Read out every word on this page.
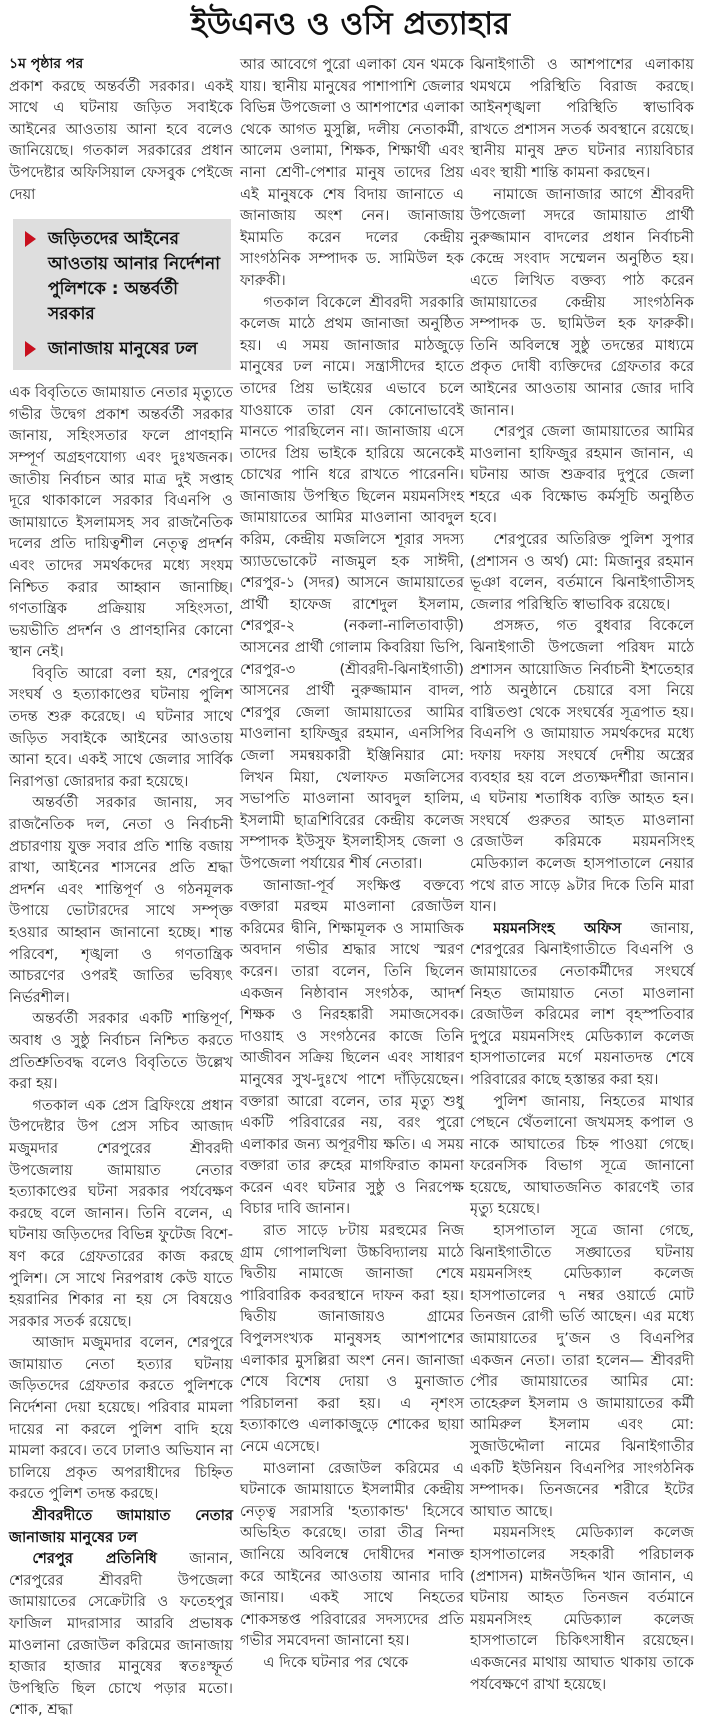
ইউএনও ও ওসি প্রত্যাহার
১ম পৃষ্ঠার পর

প্রকাশ করছে অন্তর্বর্তী সরকার। একই সাথে এ ঘটনায় জড়িত সবাইকে আইনের আওতায় আনা হবে বলেও জানিয়েছে। গতকাল সরকারের প্রধান উপদেষ্টার অফিসিয়াল ফেসবুক পেইজে দেয়া

জড়িতদের আইনের আওতায় আনার নির্দেশনা পুলিশকে : অন্তর্বর্তী সরকার
জানাজায় মানুষের ঢল

এক বিবৃতিতে জামায়াত নেতার মৃত্যুতে গভীর উদ্বেগ প্রকাশ অন্তর্বর্তী সরকার জানায়, সহিংসতার ফলে প্রাণহানি সম্পূর্ণ অগ্রহণযোগ্য এবং দুঃখজনক। জাতীয় নির্বাচন আর মাত্র দুই সপ্তাহ দূরে থাকাকালে সরকার বিএনপি ও জামায়াতে ইসলামসহ সব রাজনৈতিক দলের প্রতি দায়িত্বশীল নেতৃত্ব প্রদর্শন এবং তাদের সমর্থকদের মধ্যে সংযম নিশ্চিত করার আহ্বান জানাচ্ছি। গণতান্ত্রিক প্রক্রিয়ায় সহিংসতা, ভয়ভীতি প্রদর্শন ও প্রাণহানির কোনো স্থান নেই।

বিবৃতি আরো বলা হয়, শেরপুরে সংঘর্ষ ও হত্যাকাণ্ডের ঘটনায় পুলিশ তদন্ত শুরু করেছে। এ ঘটনার সাথে জড়িত সবাইকে আইনের আওতায় আনা হবে। একই সাথে জেলার সার্বিক নিরাপত্তা জোরদার করা হয়েছে।

অন্তর্বর্তী সরকার জানায়, সব রাজনৈতিক দল, নেতা ও নির্বাচনী প্রচারণায় যুক্ত সবার প্রতি শান্তি বজায় রাখা, আইনের শাসনের প্রতি শ্রদ্ধা প্রদর্শন এবং শান্তিপূর্ণ ও গঠনমূলক উপায়ে ভোটারদের সাথে সম্পৃক্ত হওয়ার আহ্বান জানানো হচ্ছে। শান্ত পরিবেশ, শৃঙ্খলা ও গণতান্ত্রিক আচরণের ওপরই জাতির ভবিষ্যৎ নির্ভরশীল।

অন্তর্বর্তী সরকার একটি শান্তিপূর্ণ, অবাধ ও সুষ্ঠু নির্বাচন নিশ্চিত করতে প্রতিশ্রুতিবদ্ধ বলেও বিবৃতিতে উল্লেখ করা হয়।

গতকাল এক প্রেস ব্রিফিংয়ে প্রধান উপদেষ্টার উপ প্রেস সচিব আজাদ মজুমদার শেরপুরের শ্রীবরদী উপজেলায় জামায়াত নেতার হত্যাকাণ্ডের ঘটনা সরকার পর্যবেক্ষণ করছে বলে জানান। তিনি বলেন, এ ঘটনায় জড়িতদের বিভিন্ন ফুটেজ বিশে-ষণ করে গ্রেফতারের কাজ করছে পুলিশ। সে সাথে নিরপরাধ কেউ যাতে হয়রানির শিকার না হয় সে বিষয়েও সরকার সতর্ক রয়েছে।

আজাদ মজুমদার বলেন, শেরপুরে জামায়াত নেতা হত্যার ঘটনায় জড়িতদের গ্রেফতার করতে পুলিশকে নির্দেশনা দেয়া হয়েছে। পরিবার মামলা দায়ের না করলে পুলিশ বাদি হয়ে মামলা করবে। তবে ঢালাও অভিযান না চালিয়ে প্রকৃত অপরাধীদের চিহ্নিত করতে পুলিশ তদন্ত করছে।

শ্রীবরদীতে জামায়াত নেতার জানাজায় মানুষের ঢল

শেরপুর প্রতিনিধি জানান, শেরপুরের শ্রীবরদী উপজেলা জামায়াতের সেক্রেটারি ও ফতেহপুর ফাজিল মাদরাসার আরবি প্রভাষক মাওলানা রেজাউল করিমের জানাজায় হাজার হাজার মানুষের স্বতঃস্ফূর্ত উপস্থিতি ছিল চোখে পড়ার মতো। শোক, শ্রদ্ধা

আর আবেগে পুরো এলাকা যেন থমকে যায়। স্থানীয় মানুষের পাশাপাশি জেলার বিভিন্ন উপজেলা ও আশপাশের এলাকা থেকে আগত মুসুল্লি, দলীয় নেতাকর্মী, আলেম ওলামা, শিক্ষক, শিক্ষার্থী এবং নানা শ্রেণী-পেশার মানুষ তাদের প্রিয় এই মানুষকে শেষ বিদায় জানাতে এ জানাজায় অংশ নেন। জানাজায় ইমামতি করেন দলের কেন্দ্রীয় সাংগঠনিক সম্পাদক ড. সামিউল হক ফারুকী।

গতকাল বিকেলে শ্রীবরদী সরকারি কলেজ মাঠে প্রথম জানাজা অনুষ্ঠিত হয়। এ সময় জানাজার মাঠজুড়ে মানুষের ঢল নামে। সন্ত্রাসীদের হাতে তাদের প্রিয় ভাইয়ের এভাবে চলে যাওয়াকে তারা যেন কোনোভাবেই মানতে পারছিলেন না। জানাজায় এসে তাদের প্রিয় ভাইকে হারিয়ে অনেকেই চোখের পানি ধরে রাখতে পারেননি। জানাজায় উপস্থিত ছিলেন ময়মনসিংহ জামায়াতের আমির মাওলানা আবদুল করিম, কেন্দ্রীয় মজলিসে শূরার সদস্য অ্যাডভোকেট নাজমুল হক সাঈদী, শেরপুর-১ (সদর) আসনে জামায়াতের প্রার্থী হাফেজ রাশেদুল ইসলাম, শেরপুর-২ (নকলা-নালিতাবাড়ী) আসনের প্রার্থী গোলাম কিবরিয়া ভিপি, শেরপুর-৩ (শ্রীবরদী-ঝিনাইগাতী) আসনের প্রার্থী নুরুজ্জামান বাদল, শেরপুর জেলা জামায়াতের আমির মাওলানা হাফিজুর রহমান, এনসিপির জেলা সমন্বয়কারী ইঞ্জিনিয়ার মো: লিখন মিয়া, খেলাফত মজলিসের সভাপতি মাওলানা আবদুল হালিম, ইসলামী ছাত্রশিবিরের কেন্দ্রীয় কলেজ সম্পাদক ইউসুফ ইসলাহীসহ জেলা ও উপজেলা পর্যায়ের শীর্ষ নেতারা।

জানাজা-পূর্ব সংক্ষিপ্ত বক্তব্যে বক্তারা মরহুম মাওলানা রেজাউল করিমের দ্বীনি, শিক্ষামূলক ও সামাজিক অবদান গভীর শ্রদ্ধার সাথে স্মরণ করেন। তারা বলেন, তিনি ছিলেন একজন নিষ্ঠাবান সংগঠক, আদর্শ শিক্ষক ও নিরহঙ্কারী সমাজসেবক। দাওয়াহ ও সংগঠনের কাজে তিনি আজীবন সক্রিয় ছিলেন এবং সাধারণ মানুষের সুখ-দুঃখে পাশে দাঁড়িয়েছেন। বক্তারা আরো বলেন, তার মৃত্যু শুধু একটি পরিবারের নয়, বরং পুরো এলাকার জন্য অপূরণীয় ক্ষতি। এ সময় বক্তারা তার রুহের মাগফিরাত কামনা করেন এবং ঘটনার সুষ্ঠু ও নিরপেক্ষ বিচার দাবি জানান।

রাত সাড়ে ৮টায় মরহুমের নিজ গ্রাম গোপালখিলা উচ্চবিদ্যালয় মাঠে দ্বিতীয় নামাজে জানাজা শেষে পারিবারিক কবরস্থানে দাফন করা হয়। দ্বিতীয় জানাজায়ও গ্রামের বিপুলসংখ্যক মানুষসহ আশপাশের এলাকার মুসল্লিরা অংশ নেন। জানাজা শেষে বিশেষ দোয়া ও মুনাজাত পরিচালনা করা হয়। এ নৃশংস হত্যাকাণ্ডে এলাকাজুড়ে শোকের ছায়া নেমে এসেছে।

মাওলানা রেজাউল করিমের এ ঘটনাকে জামায়াতে ইসলামীর কেন্দ্রীয় নেতৃত্ব সরাসরি 'হত্যাকান্ড' হিসেবে অভিহিত করেছে। তারা তীব্র নিন্দা জানিয়ে অবিলম্বে দোষীদের শনাক্ত করে আইনের আওতায় আনার দাবি জানায়। একই সাথে নিহতের শোকসন্তপ্ত পরিবারের সদস্যদের প্রতি গভীর সমবেদনা জানানো হয়।

এ দিকে ঘটনার পর থেকে

ঝিনাইগাতী ও আশপাশের এলাকায় থমথমে পরিস্থিতি বিরাজ করছে। আইনশৃঙ্খলা পরিস্থিতি স্বাভাবিক রাখতে প্রশাসন সতর্ক অবস্থানে রয়েছে। স্থানীয় মানুষ দ্রুত ঘটনার ন্যায়বিচার এবং স্থায়ী শান্তি কামনা করছেন।

নামাজে জানাজার আগে শ্রীবরদী উপজেলা সদরে জামায়াত প্রার্থী নুরুজ্জামান বাদলের প্রধান নির্বাচনী কেন্দ্রে সংবাদ সম্মেলন অনুষ্ঠিত হয়। এতে লিখিত বক্তব্য পাঠ করেন জামায়াতের কেন্দ্রীয় সাংগঠনিক সম্পাদক ড. ছামিউল হক ফারুকী। তিনি অবিলম্বে সুষ্ঠু তদন্তের মাধ্যমে প্রকৃত দোষী ব্যক্তিদের গ্রেফতার করে আইনের আওতায় আনার জোর দাবি জানান।

শেরপুর জেলা জামায়াতের আমির মাওলানা হাফিজুর রহমান জানান, এ ঘটনায় আজ শুক্রবার দুপুরে জেলা শহরে এক বিক্ষোভ কর্মসূচি অনুষ্ঠিত হবে।

শেরপুরের অতিরিক্ত পুলিশ সুপার (প্রশাসন ও অর্থ) মো: মিজানুর রহমান ভূঞা বলেন, বর্তমানে ঝিনাইগাতীসহ জেলার পরিস্থিতি স্বাভাবিক রয়েছে।

প্রসঙ্গত, গত বুধবার বিকেলে ঝিনাইগাতী উপজেলা পরিষদ মাঠে প্রশাসন আয়োজিত নির্বাচনী ইশতেহার পাঠ অনুষ্ঠানে চেয়ারে বসা নিয়ে বাগ্বিতণ্ডা থেকে সংঘর্ষের সূত্রপাত হয়। বিএনপি ও জামায়াত সমর্থকদের মধ্যে দফায় দফায় সংঘর্ষে দেশীয় অস্ত্রের ব্যবহার হয় বলে প্রত্যক্ষদর্শীরা জানান। এ ঘটনায় শতাধিক ব্যক্তি আহত হন। সংঘর্ষে গুরুতর আহত মাওলানা রেজাউল করিমকে ময়মনসিংহ মেডিক্যাল কলেজ হাসপাতালে নেয়ার পথে রাত সাড়ে ৯টার দিকে তিনি মারা যান।

ময়মনসিংহ অফিস জানায়, শেরপুরের ঝিনাইগাতীতে বিএনপি ও জামায়াতের নেতাকর্মীদের সংঘর্ষে নিহত জামায়াত নেতা মাওলানা রেজাউল করিমের লাশ বৃহস্পতিবার দুপুরে ময়মনসিংহ মেডিক্যাল কলেজ হাসপাতালের মর্গে ময়নাতদন্ত শেষে পরিবারের কাছে হস্তান্তর করা হয়।

পুলিশ জানায়, নিহতের মাথার পেছনে থেঁতলানো জখমসহ কপাল ও নাকে আঘাতের চিহ্ন পাওয়া গেছে। ফরেনসিক বিভাগ সূত্রে জানানো হয়েছে, আঘাতজনিত কারণেই তার মৃত্যু হয়েছে।

হাসপাতাল সূত্রে জানা গেছে, ঝিনাইগাতীতে সঙ্ঘাতের ঘটনায় ময়মনসিংহ মেডিক্যাল কলেজ হাসপাতালের ৭ নম্বর ওয়ার্ডে মোট তিনজন রোগী ভর্তি আছেন। এর মধ্যে জামায়াতের দু’জন ও বিএনপির একজন নেতা। তারা হলেন— শ্রীবরদী পৌর জামায়াতের আমির মো: তাহেরুল ইসলাম ও জামায়াতের কর্মী আমিরুল ইসলাম এবং মো: সুজাউদ্দৌলা নামের ঝিনাইগাতীর একটি ইউনিয়ন বিএনপির সাংগঠনিক সম্পাদক। তিনজনের শরীরে ইটের আঘাত আছে।

ময়মনসিংহ মেডিক্যাল কলেজ হাসপাতালের সহকারী পরিচালক (প্রশাসন) মাঈনউদ্দিন খান জানান, এ ঘটনায় আহত তিনজন বর্তমানে ময়মনসিংহ মেডিক্যাল কলেজ হাসপাতালে চিকিৎসাধীন রয়েছেন। একজনের মাথায় আঘাত থাকায় তাকে পর্যবেক্ষণে রাখা হয়েছে।
